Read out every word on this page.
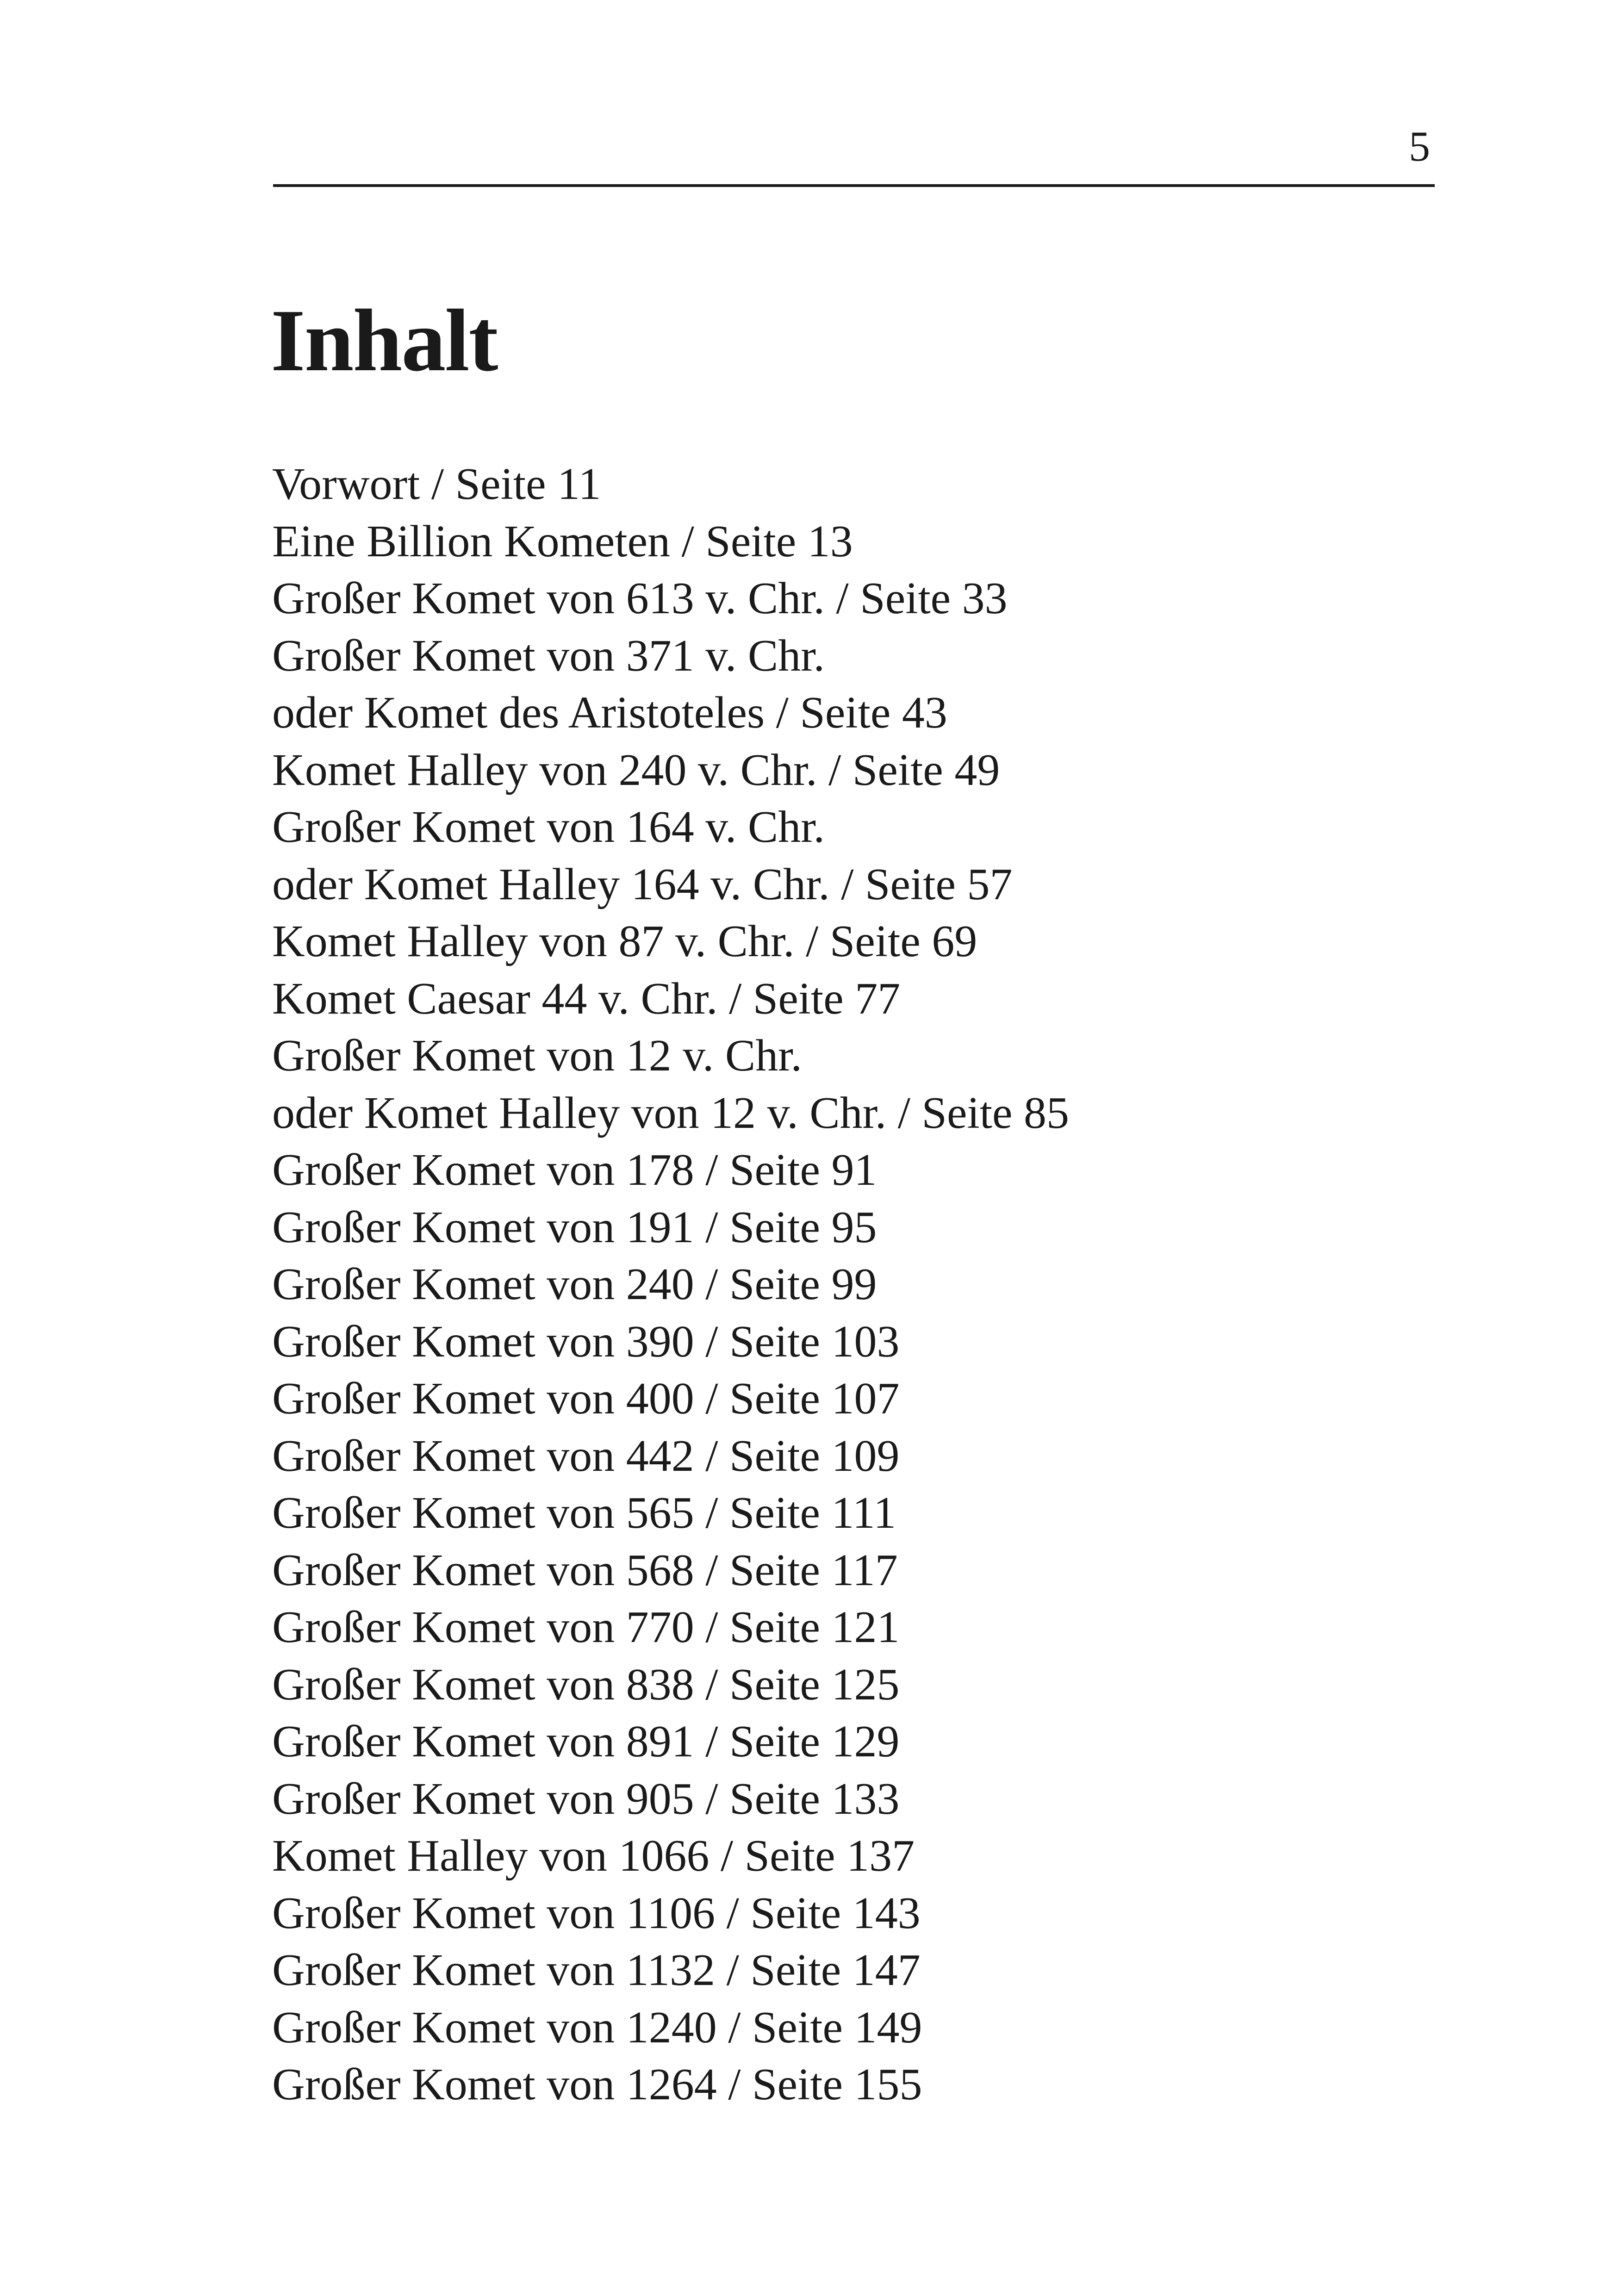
5
Inhalt
Vorwort / Seite 11
Eine Billion Kometen / Seite 13
Großer Komet von 613 v. Chr. / Seite 33
Großer Komet von 371 v. Chr.
oder Komet des Aristoteles / Seite 43
Komet Halley von 240 v. Chr. / Seite 49
Großer Komet von 164 v. Chr.
oder Komet Halley 164 v. Chr. / Seite 57
Komet Halley von 87 v. Chr. / Seite 69
Komet Caesar 44 v. Chr. / Seite 77
Großer Komet von 12 v. Chr.
oder Komet Halley von 12 v. Chr. / Seite 85
Großer Komet von 178 / Seite 91
Großer Komet von 191 / Seite 95
Großer Komet von 240 / Seite 99
Großer Komet von 390 / Seite 103
Großer Komet von 400 / Seite 107
Großer Komet von 442 / Seite 109
Großer Komet von 565 / Seite 111
Großer Komet von 568 / Seite 117
Großer Komet von 770 / Seite 121
Großer Komet von 838 / Seite 125
Großer Komet von 891 / Seite 129
Großer Komet von 905 / Seite 133
Komet Halley von 1066 / Seite 137
Großer Komet von 1106 / Seite 143
Großer Komet von 1132 / Seite 147
Großer Komet von 1240 / Seite 149
Großer Komet von 1264 / Seite 155
